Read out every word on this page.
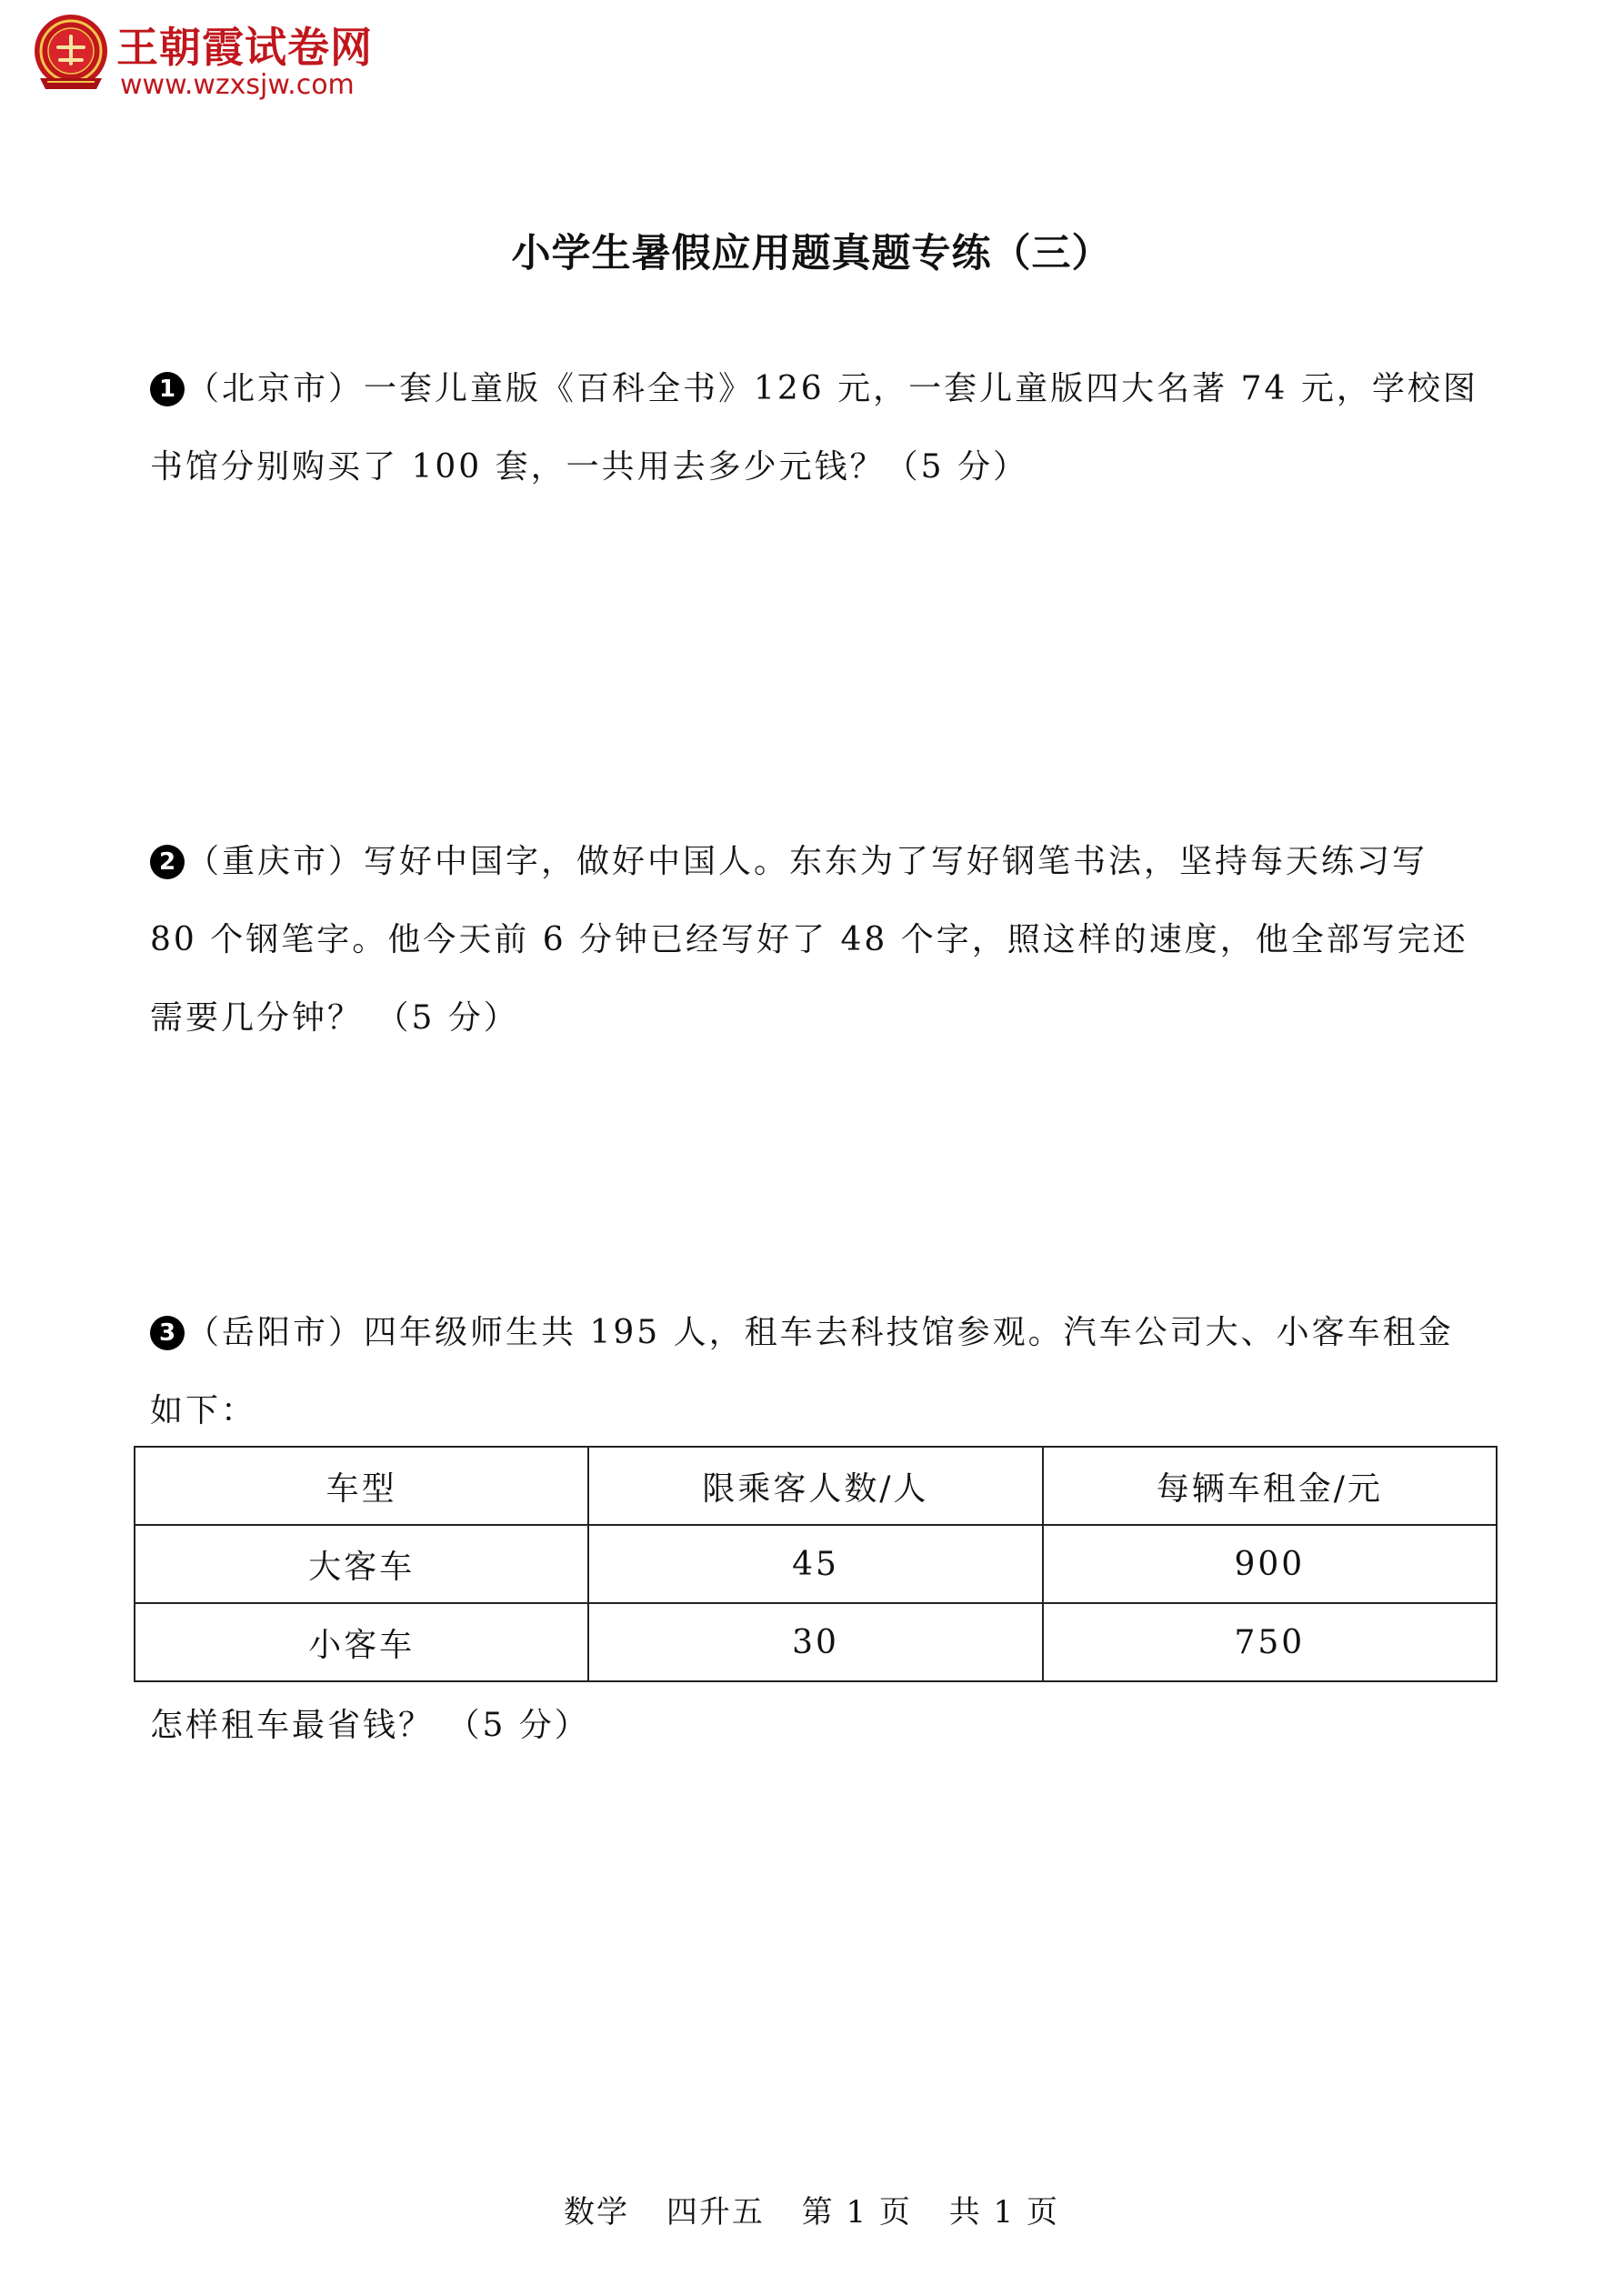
王朝霞试卷网
www.wzxsjw.com
小学生暑假应用题真题专练（三）
1 （北京市）一套儿童版《百科全书》126 元，一套儿童版四大名著 74 元，学校图书馆分别购买了 100 套，一共用去多少元钱？（5 分）
2 （重庆市）写好中国字，做好中国人。东东为了写好钢笔书法，坚持每天练习写 80 个钢笔字。他今天前 6 分钟已经写好了 48 个字，照这样的速度，他全部写完还需要几分钟？ （5 分）
3 （岳阳市）四年级师生共 195 人，租车去科技馆参观。汽车公司大、小客车租金如下：
车型	限乘客人数/人	每辆车租金/元
大客车	45	900
小客车	30	750
怎样租车最省钱？ （5 分）
数学 四升五 第 1 页 共 1 页
